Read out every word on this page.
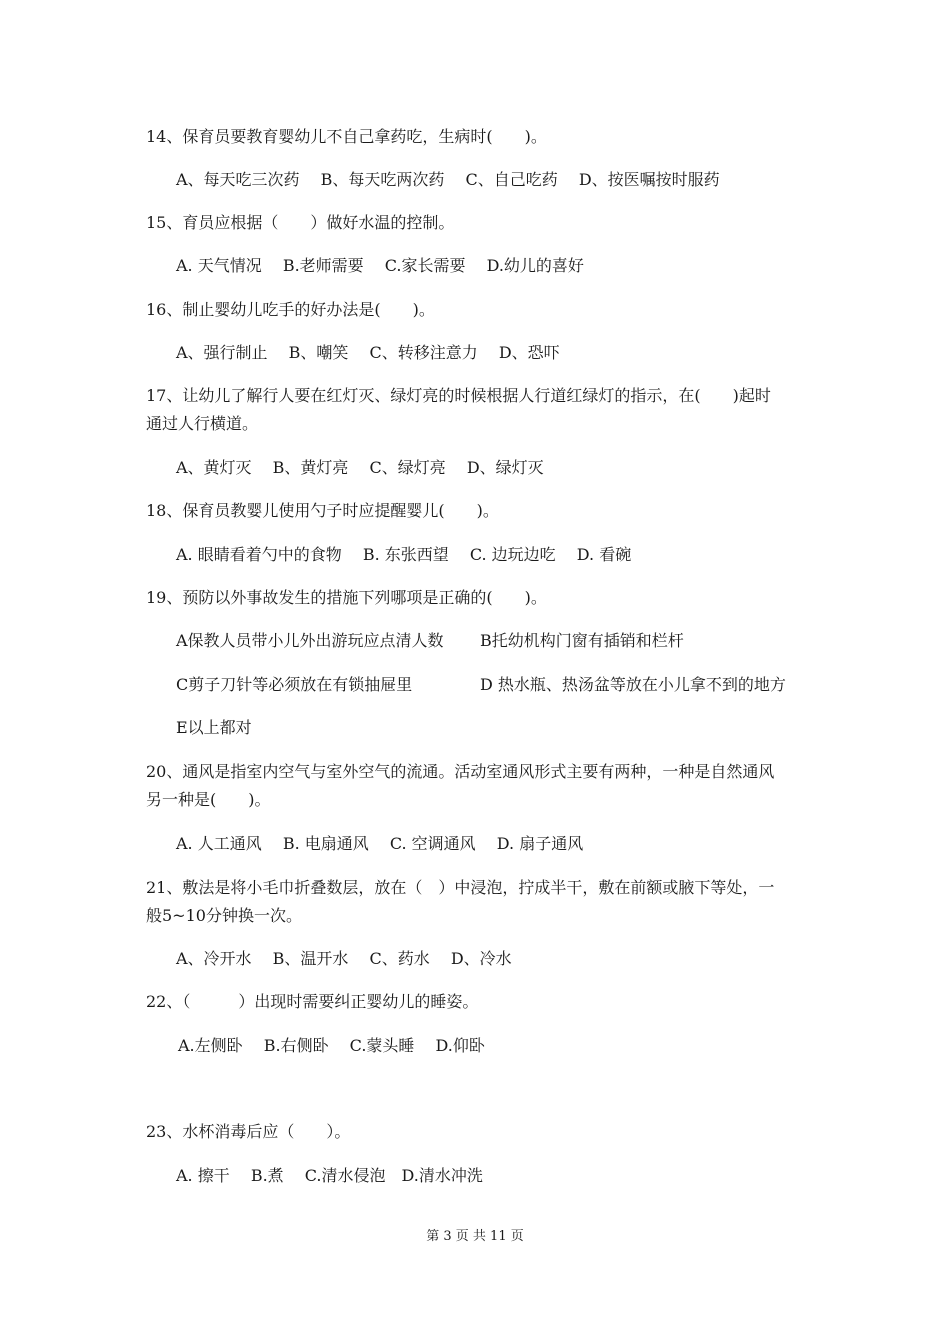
14、保育员要教育婴幼儿不自己拿药吃，生病时(　　)。
A、每天吃三次药　 B、每天吃两次药　 C、自己吃药　 D、按医嘱按时服药
15、育员应根据（　　）做好水温的控制。
A. 天气情况　 B.老师需要　 C.家长需要　 D.幼儿的喜好
16、制止婴幼儿吃手的好办法是(　　)。
A、强行制止　 B、嘲笑　 C、转移注意力　 D、恐吓
17、让幼儿了解行人要在红灯灭、绿灯亮的时候根据人行道红绿灯的指示，在(　　)起时
通过人行横道。
A、黄灯灭　 B、黄灯亮　 C、绿灯亮　 D、绿灯灭
18、保育员教婴儿使用勺子时应提醒婴儿(　　)。
A. 眼睛看着勺中的食物　 B. 东张西望　 C. 边玩边吃　 D. 看碗
19、预防以外事故发生的措施下列哪项是正确的(　　)。
A保教人员带小儿外出游玩应点清人数 B托幼机构门窗有插销和栏杆
C剪子刀针等必须放在有锁抽屉里	D 热水瓶、热汤盆等放在小儿拿不到的地方
E以上都对
20、通风是指室内空气与室外空气的流通。活动室通风形式主要有两种，一种是自然通风
另一种是(　　)。
A. 人工通风　 B. 电扇通风　 C. 空调通风　 D. 扇子通风
21、敷法是将小毛巾折叠数层，放在（　）中浸泡，拧成半干，敷在前额或腋下等处，一
般5~10分钟换一次。
A、冷开水　 B、温开水　 C、药水　 D、冷水
22、（　　　）出现时需要纠正婴幼儿的睡姿。
A.左侧卧　 B.右侧卧　 C.蒙头睡　 D.仰卧
23、水杯消毒后应（　　）。
A. 擦干　 B.煮　 C.清水侵泡　D.清水冲洗
第 3 页 共 11 页
